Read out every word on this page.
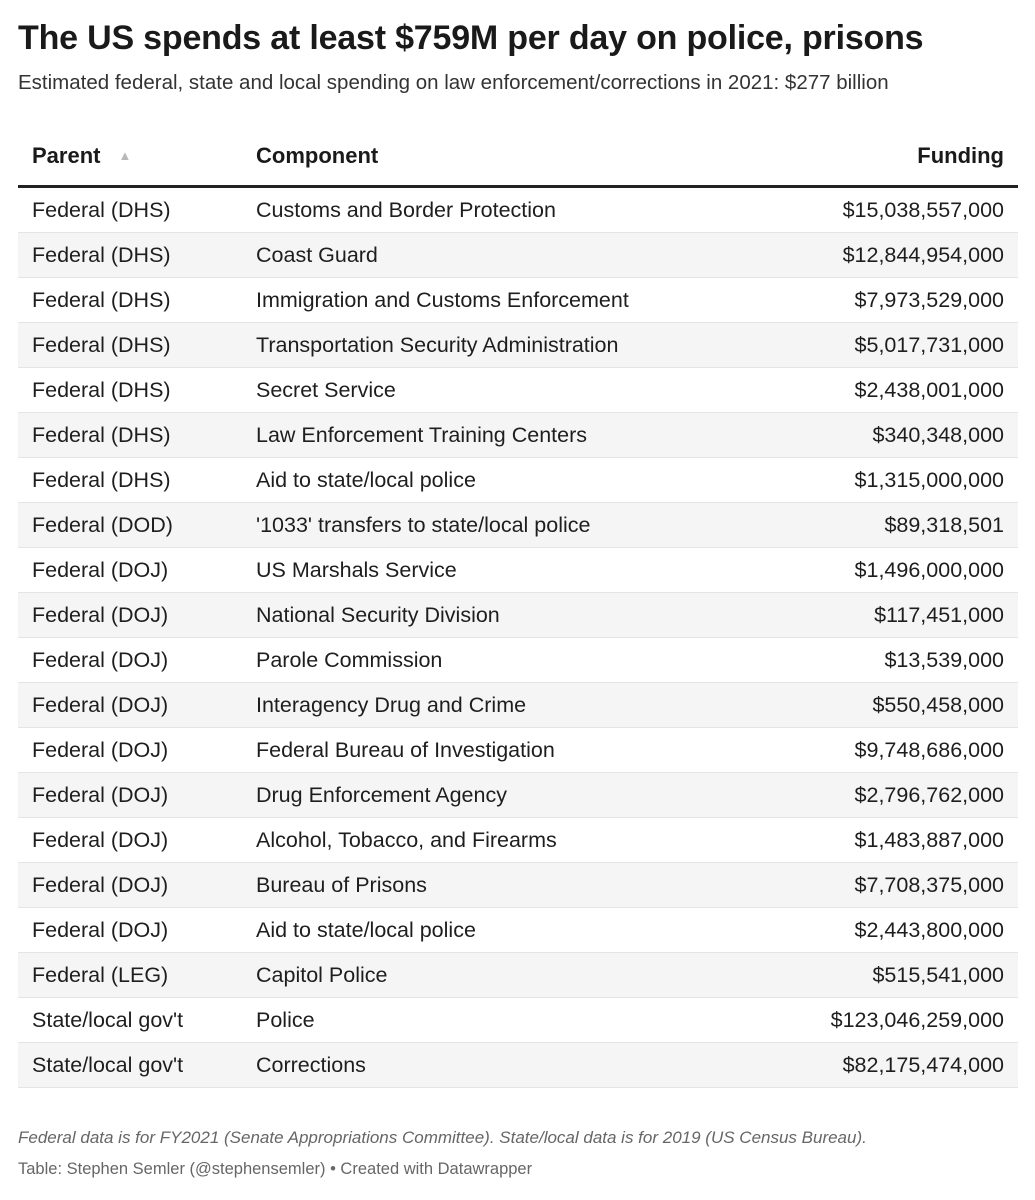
The US spends at least $759M per day on police, prisons

Estimated federal, state and local spending on law enforcement/corrections in 2021: $277 billion

Parent ▲	Component	Funding
Federal (DHS)	Customs and Border Protection	$15,038,557,000
Federal (DHS)	Coast Guard	$12,844,954,000
Federal (DHS)	Immigration and Customs Enforcement	$7,973,529,000
Federal (DHS)	Transportation Security Administration	$5,017,731,000
Federal (DHS)	Secret Service	$2,438,001,000
Federal (DHS)	Law Enforcement Training Centers	$340,348,000
Federal (DHS)	Aid to state/local police	$1,315,000,000
Federal (DOD)	'1033' transfers to state/local police	$89,318,501
Federal (DOJ)	US Marshals Service	$1,496,000,000
Federal (DOJ)	National Security Division	$117,451,000
Federal (DOJ)	Parole Commission	$13,539,000
Federal (DOJ)	Interagency Drug and Crime	$550,458,000
Federal (DOJ)	Federal Bureau of Investigation	$9,748,686,000
Federal (DOJ)	Drug Enforcement Agency	$2,796,762,000
Federal (DOJ)	Alcohol, Tobacco, and Firearms	$1,483,887,000
Federal (DOJ)	Bureau of Prisons	$7,708,375,000
Federal (DOJ)	Aid to state/local police	$2,443,800,000
Federal (LEG)	Capitol Police	$515,541,000
State/local gov't	Police	$123,046,259,000
State/local gov't	Corrections	$82,175,474,000
Federal data is for FY2021 (Senate Appropriations Committee). State/local data is for 2019 (US Census Bureau).
Table: Stephen Semler (@stephensemler) • Created with Datawrapper
